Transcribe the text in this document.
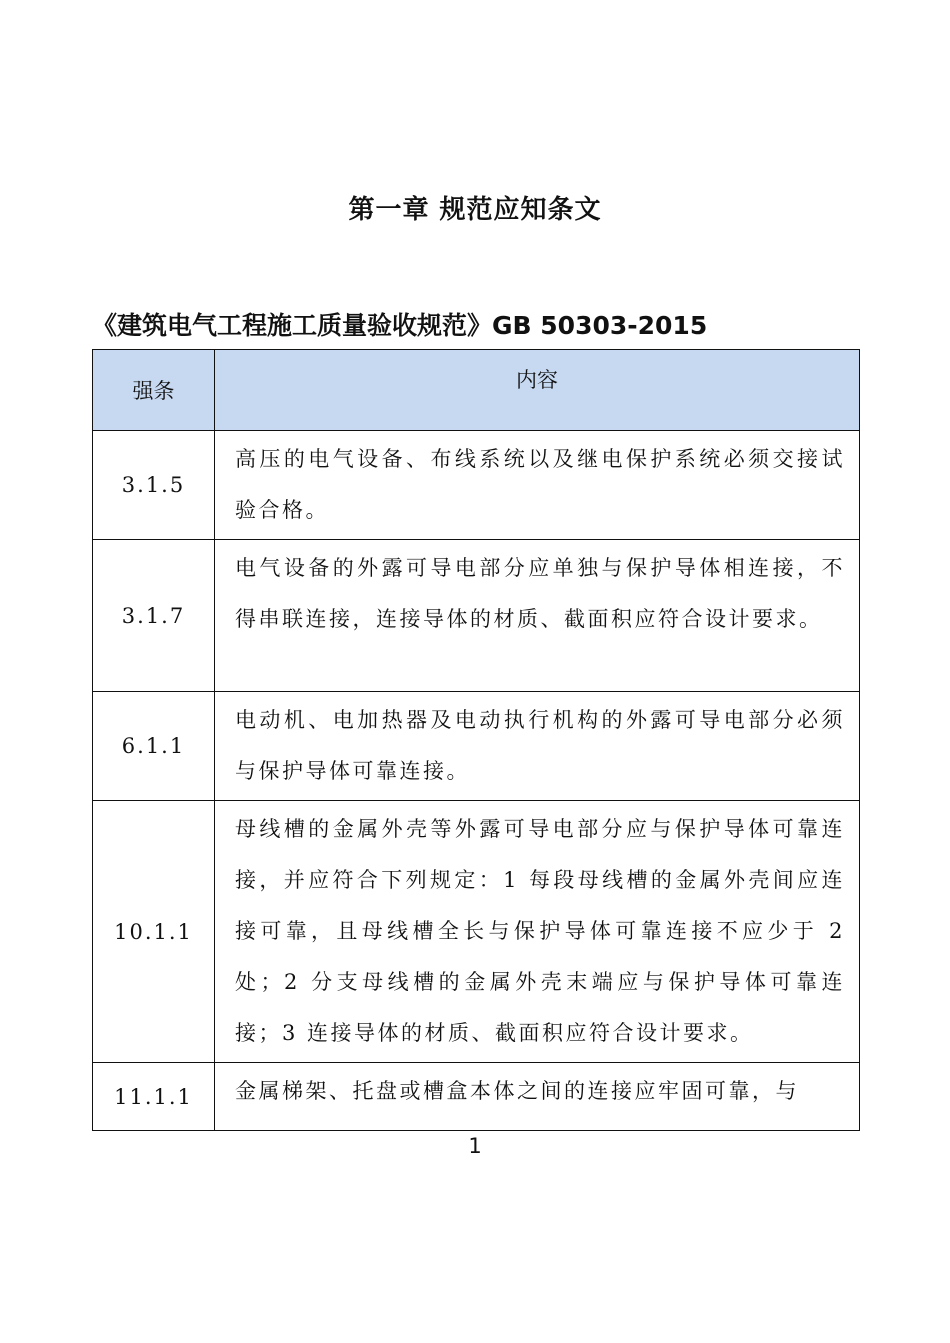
第一章 规范应知条文
《建筑电气工程施工质量验收规范》GB 50303-2015
强条	内容
3.1.5	高压的电气设备、布线系统以及继电保护系统必须交接试验合格。
3.1.7	电气设备的外露可导电部分应单独与保护导体相连接，不得串联连接，连接导体的材质、截面积应符合设计要求。
6.1.1	电动机、电加热器及电动执行机构的外露可导电部分必须与保护导体可靠连接。
10.1.1	母线槽的金属外壳等外露可导电部分应与保护导体可靠连接，并应符合下列规定：1 每段母线槽的金属外壳间应连接可靠，且母线槽全长与保护导体可靠连接不应少于 2 处；2 分支母线槽的金属外壳末端应与保护导体可靠连接；3 连接导体的材质、截面积应符合设计要求。
11.1.1	金属梯架、托盘或槽盒本体之间的连接应牢固可靠，与
1
